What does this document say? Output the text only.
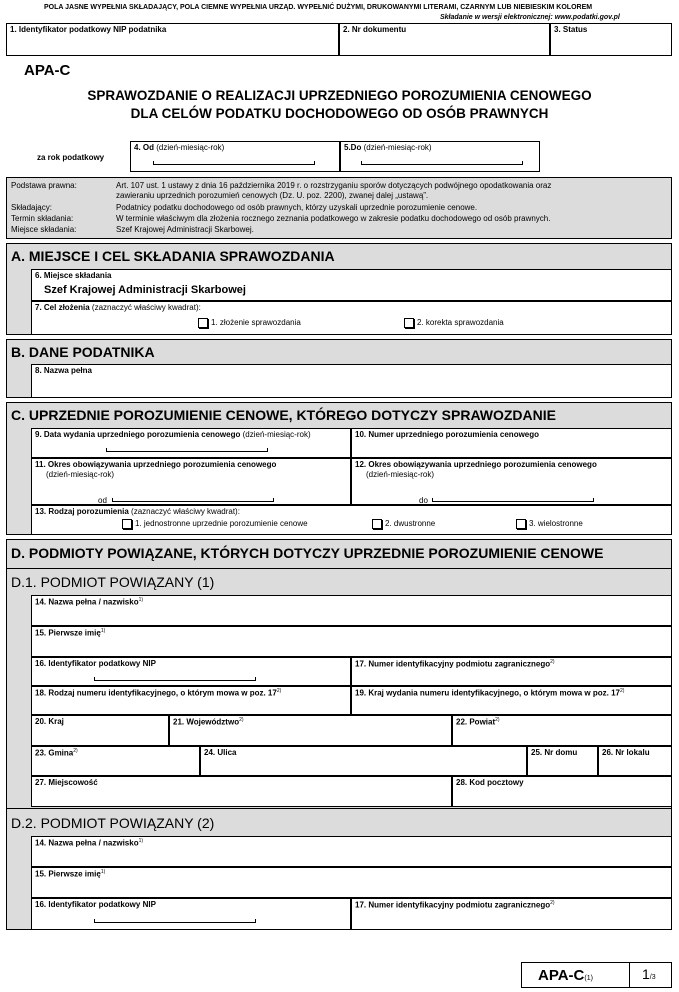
POLA JASNE WYPEŁNIA SKŁADAJĄCY, POLA CIEMNE WYPEŁNIA URZĄD. WYPEŁNIĆ DUŻYMI, DRUKOWANYMI LITERAMI, CZARNYM LUB NIEBIESKIM KOLOREM
Składanie w wersji elektronicznej: www.podatki.gov.pl
1. Identyfikator podatkowy NIP podatnika	2. Nr dokumentu	3. Status
APA-C
SPRAWOZDANIE O REALIZACJI UPRZEDNIEGO POROZUMIENIA CENOWEGO
DLA CELÓW PODATKU DOCHODOWEGO OD OSÓB PRAWNYCH
za rok podatkowy
4. Od (dzień-miesiąc-rok)	5.Do (dzień-miesiąc-rok)
Podstawa prawna:	Art. 107 ust. 1 ustawy z dnia 16 października 2019 r. o rozstrzyganiu sporów dotyczących podwójnego opodatkowania oraz
zawieraniu uprzednich porozumień cenowych (Dz. U. poz. 2200), zwanej dalej „ustawą”.
Składający:	Podatnicy podatku dochodowego od osób prawnych, którzy uzyskali uprzednie porozumienie cenowe.
Termin składania:	W terminie właściwym dla złożenia rocznego zeznania podatkowego w zakresie podatku dochodowego od osób prawnych.
Miejsce składania:	Szef Krajowej Administracji Skarbowej.
A. MIEJSCE I CEL SKŁADANIA SPRAWOZDANIA
6. Miejsce składania
Szef Krajowej Administracji Skarbowej
7. Cel złożenia (zaznaczyć właściwy kwadrat):
1. złożenie sprawozdania	2. korekta sprawozdania
B. DANE PODATNIKA
8. Nazwa pełna
C. UPRZEDNIE POROZUMIENIE CENOWE, KTÓREGO DOTYCZY SPRAWOZDANIE
9. Data wydania uprzedniego porozumienia cenowego (dzień-miesiąc-rok)	10. Numer uprzedniego porozumienia cenowego
11. Okres obowiązywania uprzedniego porozumienia cenowego
(dzień-miesiąc-rok)
od
12. Okres obowiązywania uprzedniego porozumienia cenowego
(dzień-miesiąc-rok)
do
13. Rodzaj porozumienia (zaznaczyć właściwy kwadrat):
1. jednostronne uprzednie porozumienie cenowe	2. dwustronne	3. wielostronne
D. PODMIOTY POWIĄZANE, KTÓRYCH DOTYCZY UPRZEDNIE POROZUMIENIE CENOWE
D.1. PODMIOT POWIĄZANY (1)
D.2. PODMIOT POWIĄZANY (2)
14. Nazwa pełna / nazwisko$^{1)}$
15. Pierwsze imię$^{1)}$
16. Identyfikator podatkowy NIP	17. Numer identyfikacyjny podmiotu zagranicznego$^{2)}$
18. Rodzaj numeru identyfikacyjnego, o którym mowa w poz. 17$^{2)}$	19. Kraj wydania numeru identyfikacyjnego, o którym mowa w poz. 17$^{2)}$
20. Kraj	21. Województwo$^{2)}$	22. Powiat$^{2)}$
23. Gmina$^{2)}$	24. Ulica	25. Nr domu	26. Nr lokalu
27. Miejscowość	28. Kod pocztowy
14. Nazwa pełna / nazwisko$^{1)}$
15. Pierwsze imię$^{1)}$
16. Identyfikator podatkowy NIP	17. Numer identyfikacyjny podmiotu zagranicznego$^{2)}$
APA-C(1)	1/3
